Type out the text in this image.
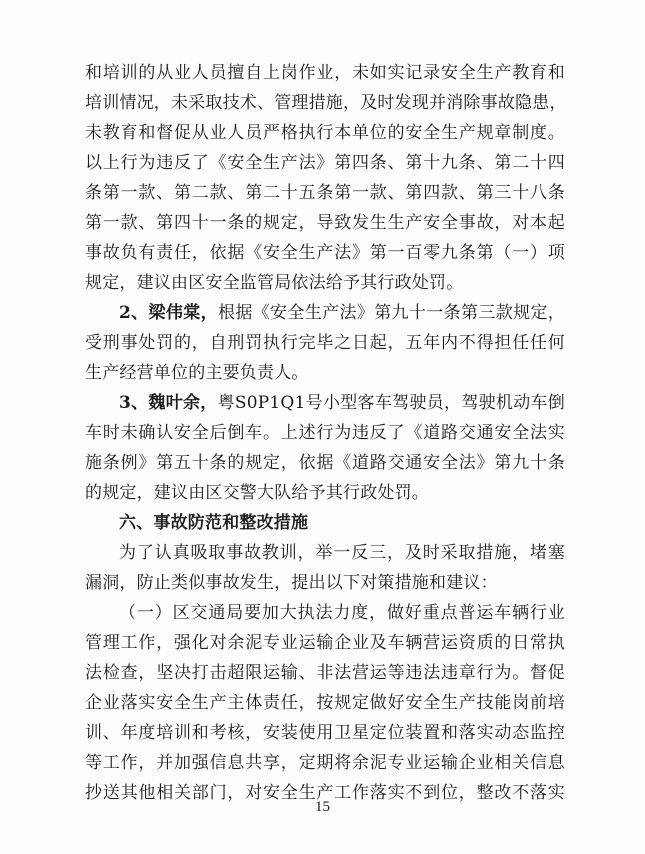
和培训的从业人员擅自上岗作业，未如实记录安全生产教育和
培训情况，未采取技术、管理措施，及时发现并消除事故隐患，
未教育和督促从业人员严格执行本单位的安全生产规章制度。
以上行为违反了《安全生产法》第四条、第十九条、第二十四
条第一款、第二款、第二十五条第一款、第四款、第三十八条
第一款、第四十一条的规定，导致发生生产安全事故，对本起
事故负有责任，依据《安全生产法》第一百零九条第（一）项
规定，建议由区安全监管局依法给予其行政处罚。
2、梁伟棠，根据《安全生产法》第九十一条第三款规定，
受刑事处罚的，自刑罚执行完毕之日起，五年内不得担任任何
生产经营单位的主要负责人。
3、魏叶余，粤S0P1Q1号小型客车驾驶员，驾驶机动车倒
车时未确认安全后倒车。上述行为违反了《道路交通安全法实
施条例》第五十条的规定，依据《道路交通安全法》第九十条
的规定，建议由区交警大队给予其行政处罚。
六、事故防范和整改措施
为了认真吸取事故教训，举一反三，及时采取措施，堵塞
漏洞，防止类似事故发生，提出以下对策措施和建议：
（一）区交通局要加大执法力度，做好重点普运车辆行业
管理工作，强化对余泥专业运输企业及车辆营运资质的日常执
法检查，坚决打击超限运输、非法营运等违法违章行为。督促
企业落实安全生产主体责任，按规定做好安全生产技能岗前培
训、年度培训和考核，安装使用卫星定位装置和落实动态监控
等工作，并加强信息共享，定期将余泥专业运输企业相关信息
抄送其他相关部门，对安全生产工作落实不到位，整改不落实
15
